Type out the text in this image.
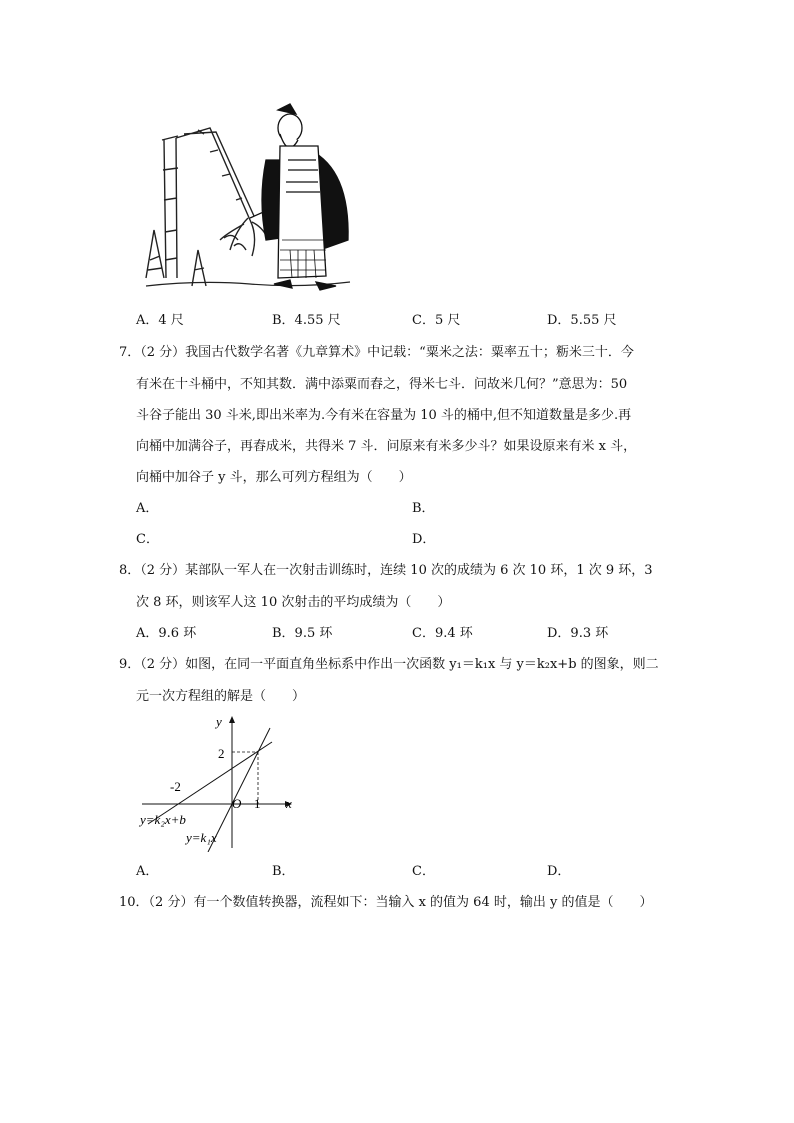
A．4 尺	B．4.55 尺	C．5 尺	D．5.55 尺
7．（2 分）我国古代数学名著《九章算术》中记载：“粟米之法：粟率五十；粝米三十．今
有米在十斗桶中，不知其数．满中添粟而舂之，得米七斗．问故米几何？”意思为：50
斗谷子能出 30 斗米,即出米率为.今有米在容量为 10 斗的桶中,但不知道数量是多少.再
向桶中加满谷子，再舂成米，共得米 7 斗．问原来有米多少斗？如果设原来有米 x 斗，
向桶中加谷子 y 斗，那么可列方程组为（　　）
A．	B．
C．	D．
8．（2 分）某部队一军人在一次射击训练时，连续 10 次的成绩为 6 次 10 环，1 次 9 环，3
次 8 环，则该军人这 10 次射击的平均成绩为（　　）
A．9.6 环	B．9.5 环	C．9.4 环	D．9.3 环
9．（2 分）如图，在同一平面直角坐标系中作出一次函数 y₁＝k₁x 与 y＝k₂x+b 的图象，则二
元一次方程组的解是（　　）
y
x
O
2
-2
1
y=k₂x+b
y=k₁x
A．	B．	C．	D．
10．（2 分）有一个数值转换器，流程如下：当输入 x 的值为 64 时，输出 y 的值是（　　）
